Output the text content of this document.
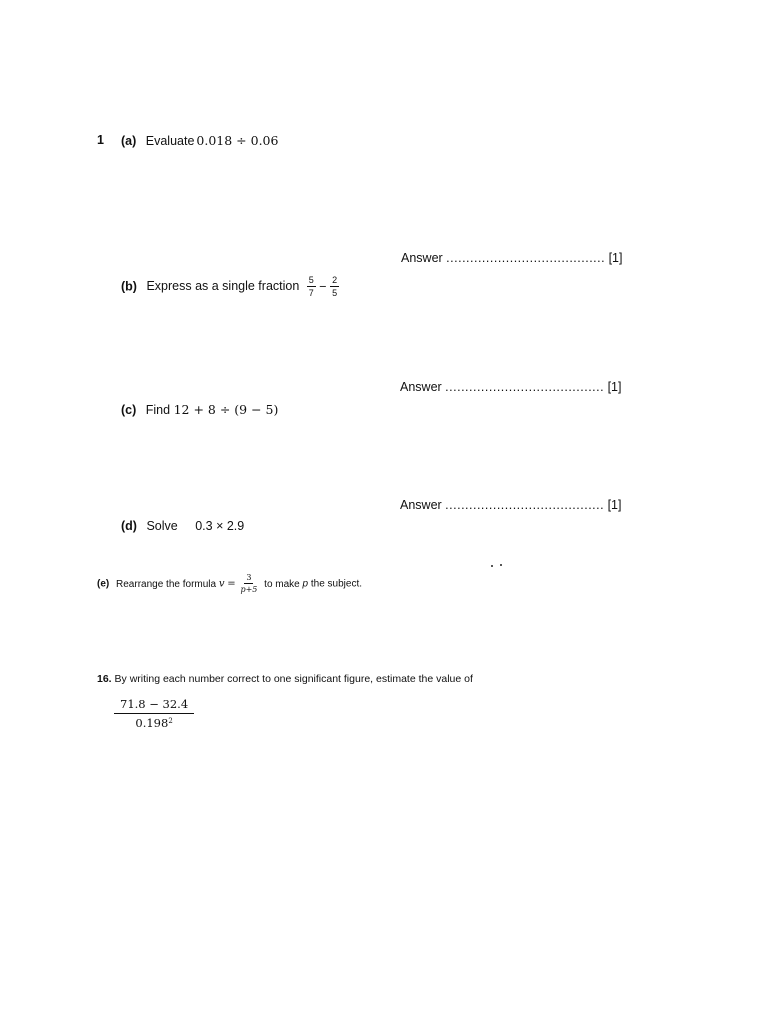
1 (a) Evaluate 0.018 ÷ 0.06
Answer ........................................ [1]
(b) Express as a single fraction $\frac{5}{7} - \frac{2}{5}$
Answer ........................................ [1]
(c) Find 12 + 8 ÷ (9 − 5)
Answer ........................................ [1]
(d) Solve 0.3 × 2.9
(e) Rearrange the formula $v = \frac{3}{p+5}$ to make p the subject.
16. By writing each number correct to one significant figure, estimate the value of
$\frac{71.8 - 32.4}{0.198^2}$
